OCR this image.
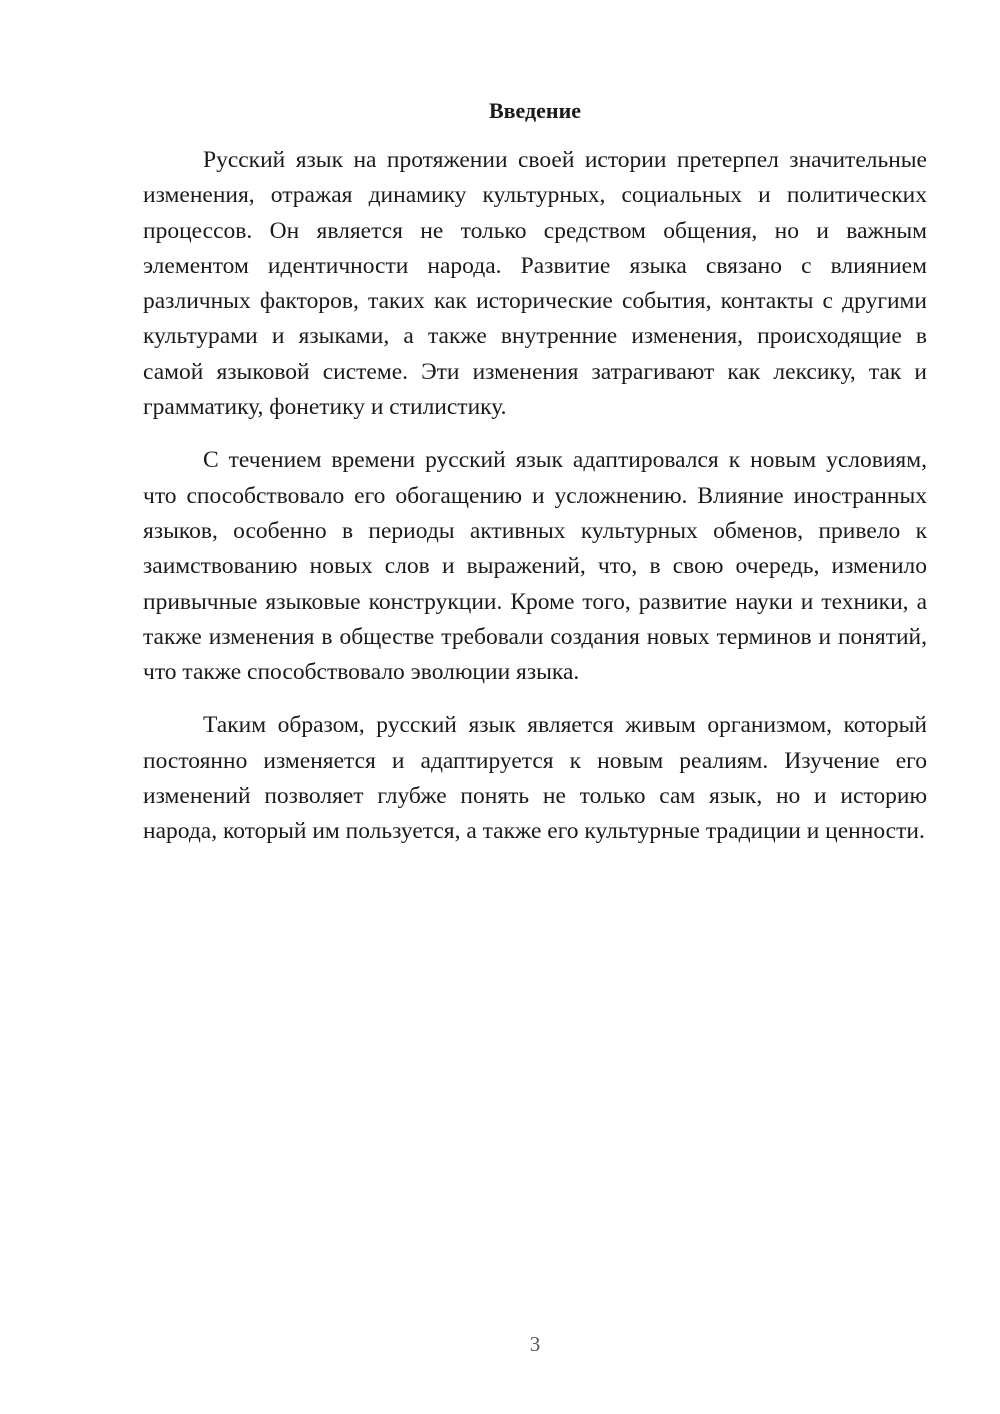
Введение

Русский язык на протяжении своей истории претерпел значительные изменения, отражая динамику культурных, социальных и политических процессов. Он является не только средством общения, но и важным элементом идентичности народа. Развитие языка связано с влиянием различных факторов, таких как исторические события, контакты с другими культурами и языками, а также внутренние изменения, происходящие в самой языковой системе. Эти изменения затрагивают как лексику, так и грамматику, фонетику и стилистику.

С течением времени русский язык адаптировался к новым условиям, что способствовало его обогащению и усложнению. Влияние иностранных языков, особенно в периоды активных культурных обменов, привело к заимствованию новых слов и выражений, что, в свою очередь, изменило привычные языковые конструкции. Кроме того, развитие науки и техники, а также изменения в обществе требовали создания новых терминов и понятий, что также способствовало эволюции языка.

Таким образом, русский язык является живым организмом, который постоянно изменяется и адаптируется к новым реалиям. Изучение его изменений позволяет глубже понять не только сам язык, но и историю народа, который им пользуется, а также его культурные традиции и ценности.

3
